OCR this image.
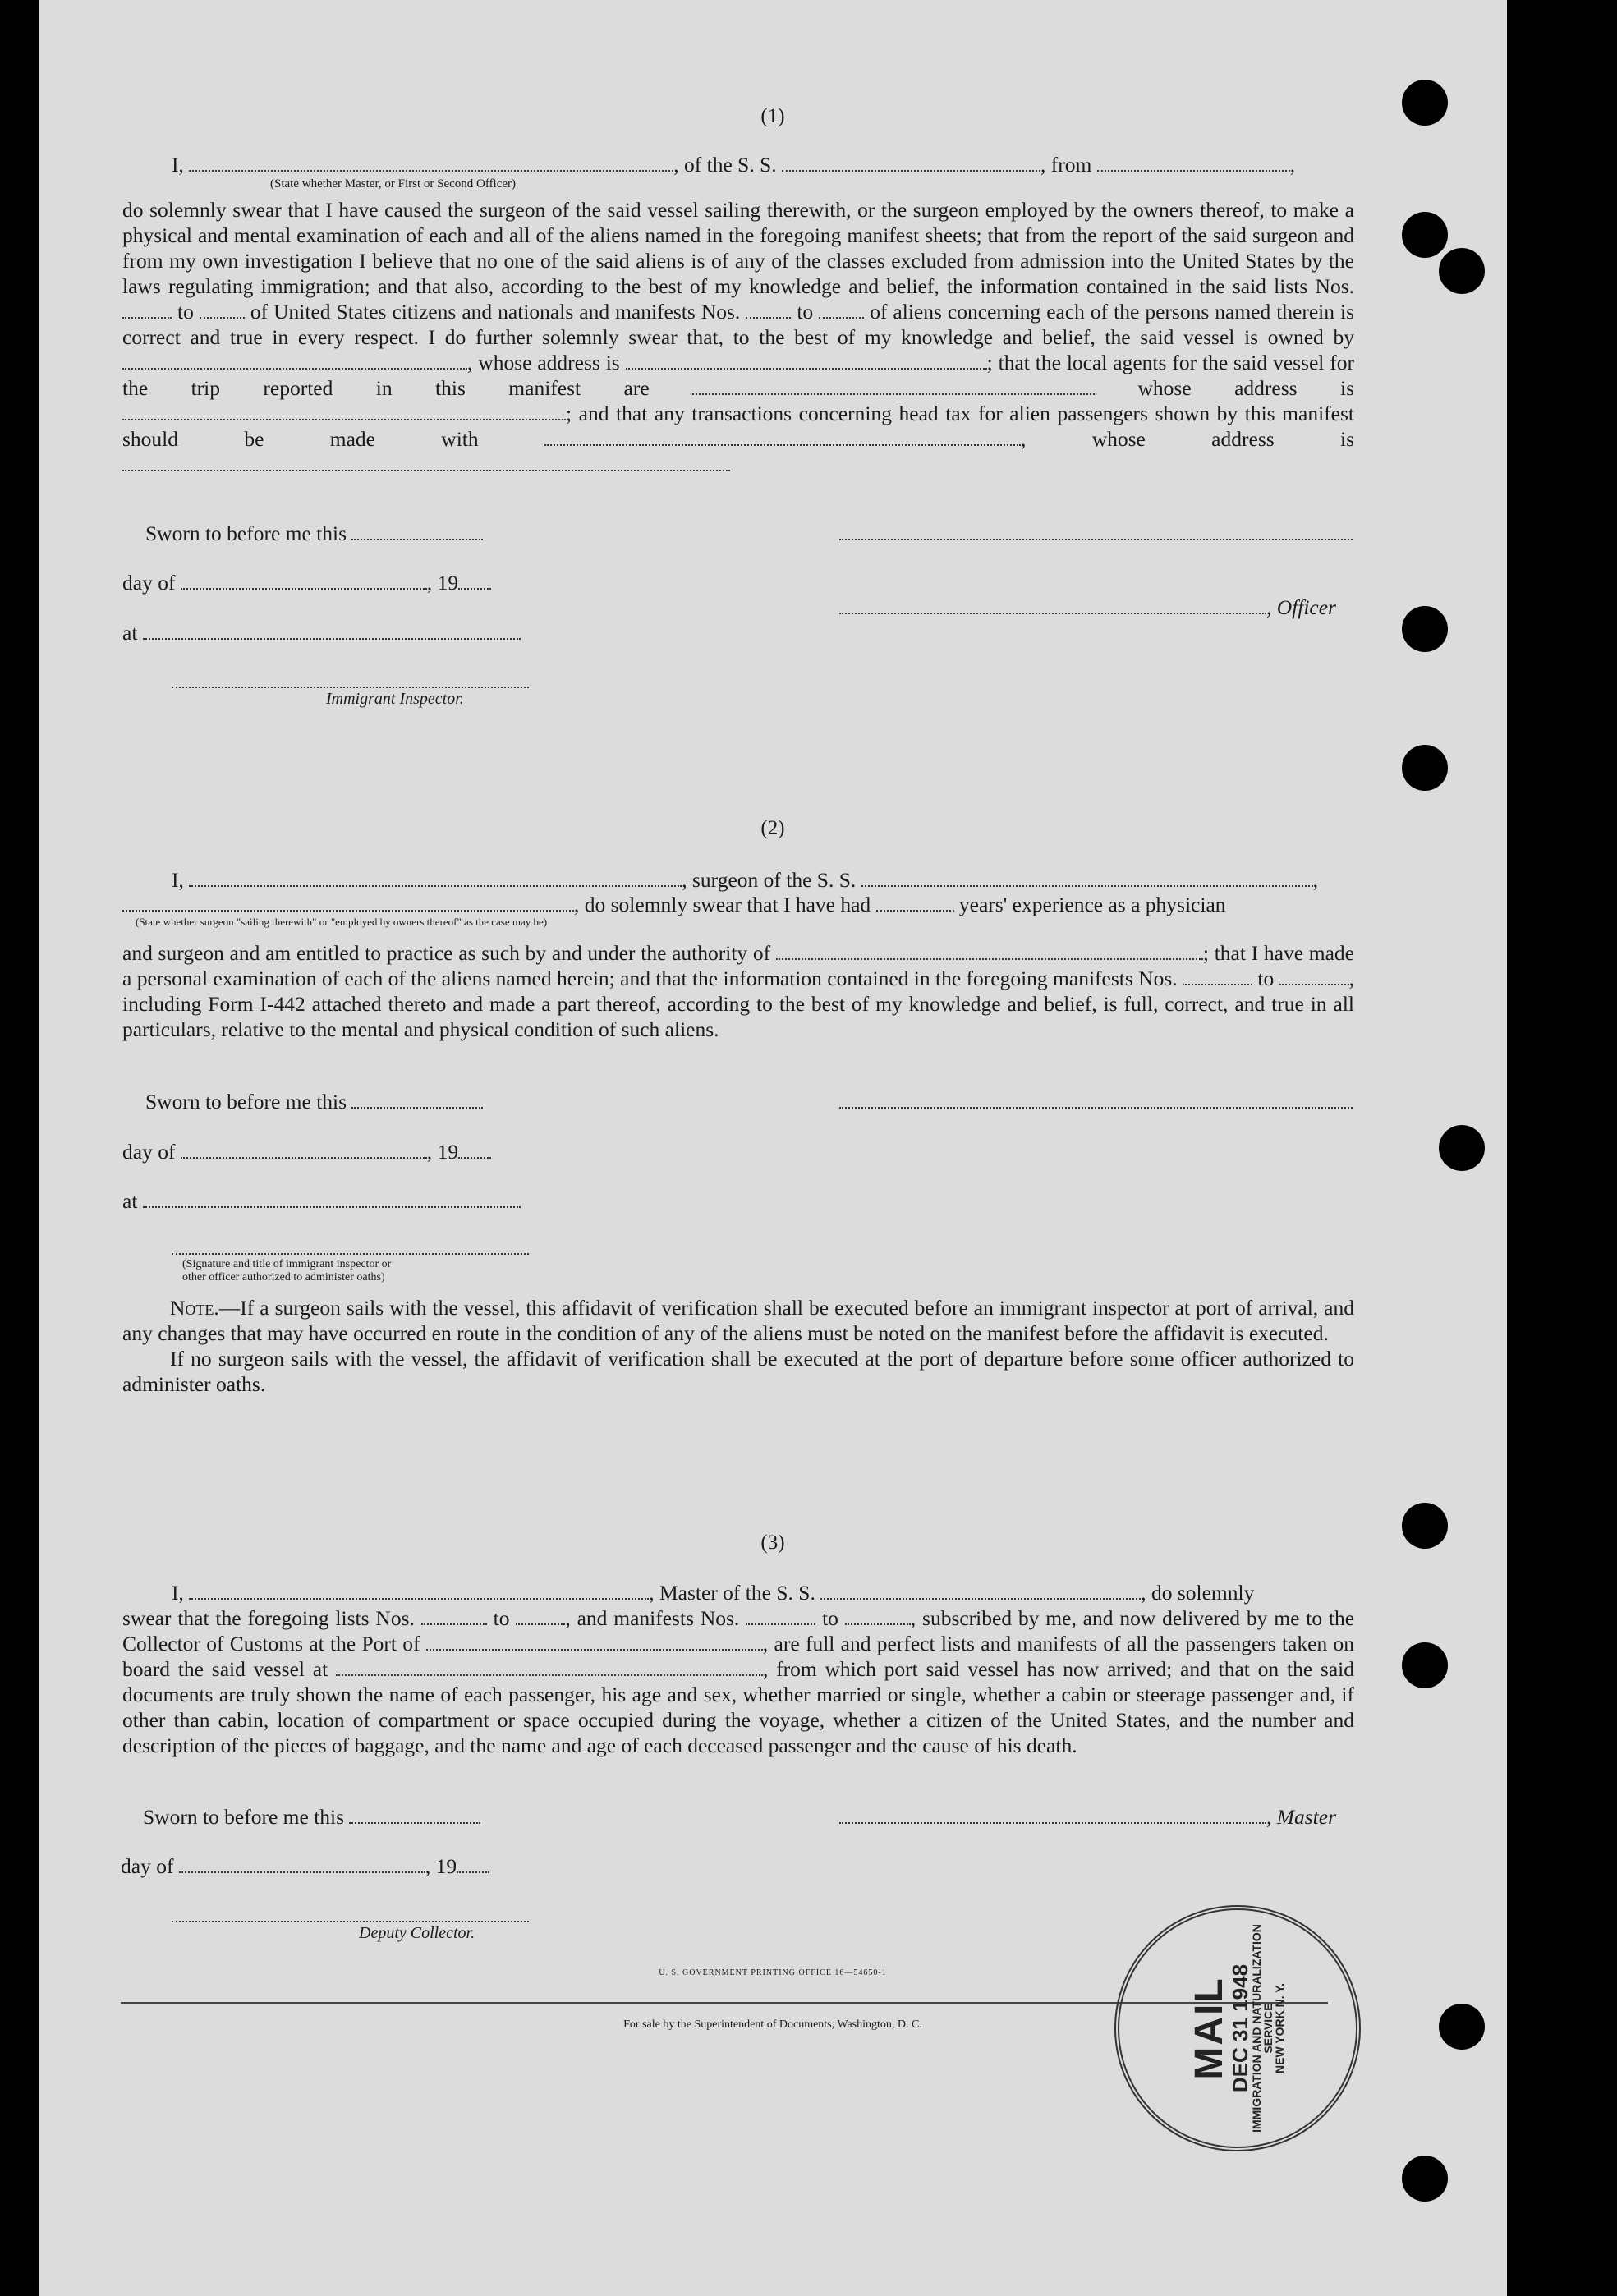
(1)
I,	, of the S. S.	, from	,
(State whether Master, or First or Second Officer)

do solemnly swear that I have caused the surgeon of the said vessel sailing therewith, or the surgeon employed by the owners thereof, to make a physical and mental examination of each and all of the aliens named in the foregoing manifest sheets; that from the report of the said surgeon and from my own investigation I believe that no one of the said aliens is of any of the classes excluded from admission into the United States by the laws regulating immigration; and that also, according to the best of my knowledge and belief, the information contained in the said lists Nos.  to	of United States citizens and nationals and manifests Nos.	to	of aliens concerning each of the persons named therein is correct and true in every respect. I do further solemnly swear that, to the best of my knowledge and belief, the said vessel is owned by , whose address is	; that the local agents for the said vessel for the trip reported in this manifest are	whose address is ; and that any transactions concerning head tax for alien passengers shown by this manifest should be made with	, whose address is

Sworn to before me this
day of	, 19
, Officer
at
Immigrant Inspector.
(2)
I,	, surgeon of the S. S.	,
, do solemnly swear that I have had	years' experience as a physician
(State whether surgeon "sailing therewith" or "employed by owners thereof" as the case may be)

and surgeon and am entitled to practice as such by and under the authority of	; that I have made a personal examination of each of the aliens named herein; and that the information contained in the foregoing manifests Nos.	to	, including Form I-442 attached thereto and made a part thereof, according to the best of my knowledge and belief, is full, correct, and true in all particulars, relative to the mental and physical condition of such aliens.

Sworn to before me this
day of	, 19
at
(Signature and title of immigrant inspector or
other officer authorized to administer oaths)

Note.—If a surgeon sails with the vessel, this affidavit of verification shall be executed before an immigrant inspector at port of arrival, and any changes that may have occurred en route in the condition of any of the aliens must be noted on the manifest before the affidavit is executed.

If no surgeon sails with the vessel, the affidavit of verification shall be executed at the port of departure before some officer authorized to administer oaths.

(3)
I,	, Master of the S. S.	, do solemnly

swear that the foregoing lists Nos.	to	, and manifests Nos.	to	, subscribed by me, and now delivered by me to the Collector of Customs at the Port of	, are full and perfect lists and manifests of all the passengers taken on board the said vessel at	, from which port said vessel has now arrived; and that on the said documents are truly shown the name of each passenger, his age and sex, whether married or single, whether a cabin or steerage passenger and, if other than cabin, location of compartment or space occupied during the voyage, whether a citizen of the United States, and the number and description of the pieces of baggage, and the name and age of each deceased passenger and the cause of his death.

Sworn to before me this	, Master
day of	, 19
Deputy Collector.
U. S. GOVERNMENT PRINTING OFFICE 16—54650-1
For sale by the Superintendent of Documents, Washington, D. C.	MAIL
DEC 31 1948
IMMIGRATION AND NATURALIZATION SERVICE
NEW YORK N. Y.
